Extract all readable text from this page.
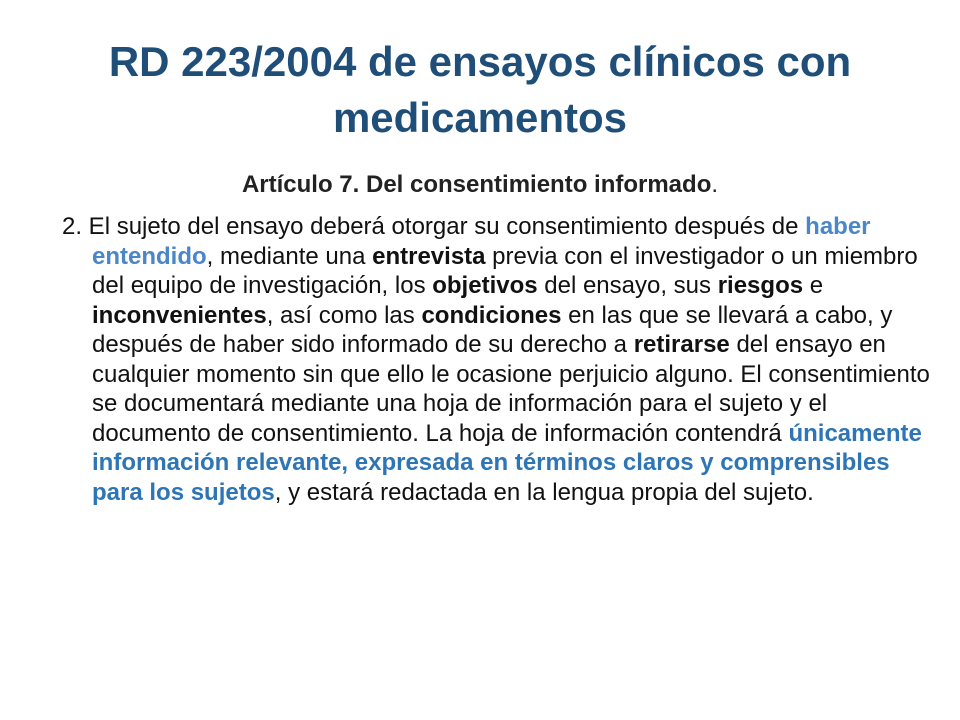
RD 223/2004 de ensayos clínicos con medicamentos

Artículo 7. Del consentimiento informado.

2. El sujeto del ensayo deberá otorgar su consentimiento después de haber entendido, mediante una entrevista previa con el investigador o un miembro del equipo de investigación, los objetivos del ensayo, sus riesgos e inconvenientes, así como las condiciones en las que se llevará a cabo, y después de haber sido informado de su derecho a retirarse del ensayo en cualquier momento sin que ello le ocasione perjuicio alguno. El consentimiento se documentará mediante una hoja de información para el sujeto y el documento de consentimiento. La hoja de información contendrá únicamente información relevante, expresada en términos claros y comprensibles para los sujetos, y estará redactada en la lengua propia del sujeto.
